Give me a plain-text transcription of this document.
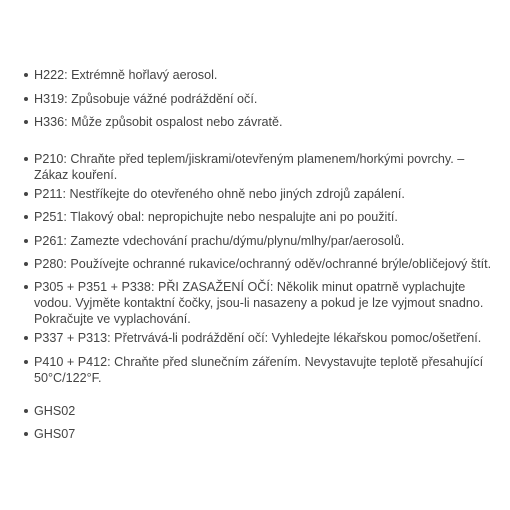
H222: Extrémně hořlavý aerosol.
H319: Způsobuje vážné podráždění očí.
H336: Může způsobit ospalost nebo závratě.
P210: Chraňte před teplem/jiskrami/otevřeným plamenem/horkými povrchy. – Zákaz kouření.
P211: Nestříkejte do otevřeného ohně nebo jiných zdrojů zapálení.
P251: Tlakový obal: nepropichujte nebo nespalujte ani po použití.
P261: Zamezte vdechování prachu/dýmu/plynu/mlhy/par/aerosolů.
P280: Používejte ochranné rukavice/ochranný oděv/ochranné brýle/obličejový štít.
P305 + P351 + P338: PŘI ZASAŽENÍ OČÍ: Několik minut opatrně vyplachujte vodou. Vyjměte kontaktní čočky, jsou-li nasazeny a pokud je lze vyjmout snadno. Pokračujte ve vyplachování.
P337 + P313: Přetrvává-li podráždění očí: Vyhledejte lékařskou pomoc/ošetření.
P410 + P412: Chraňte před slunečním zářením. Nevystavujte teplotě přesahující 50°C/122°F.
GHS02
GHS07
